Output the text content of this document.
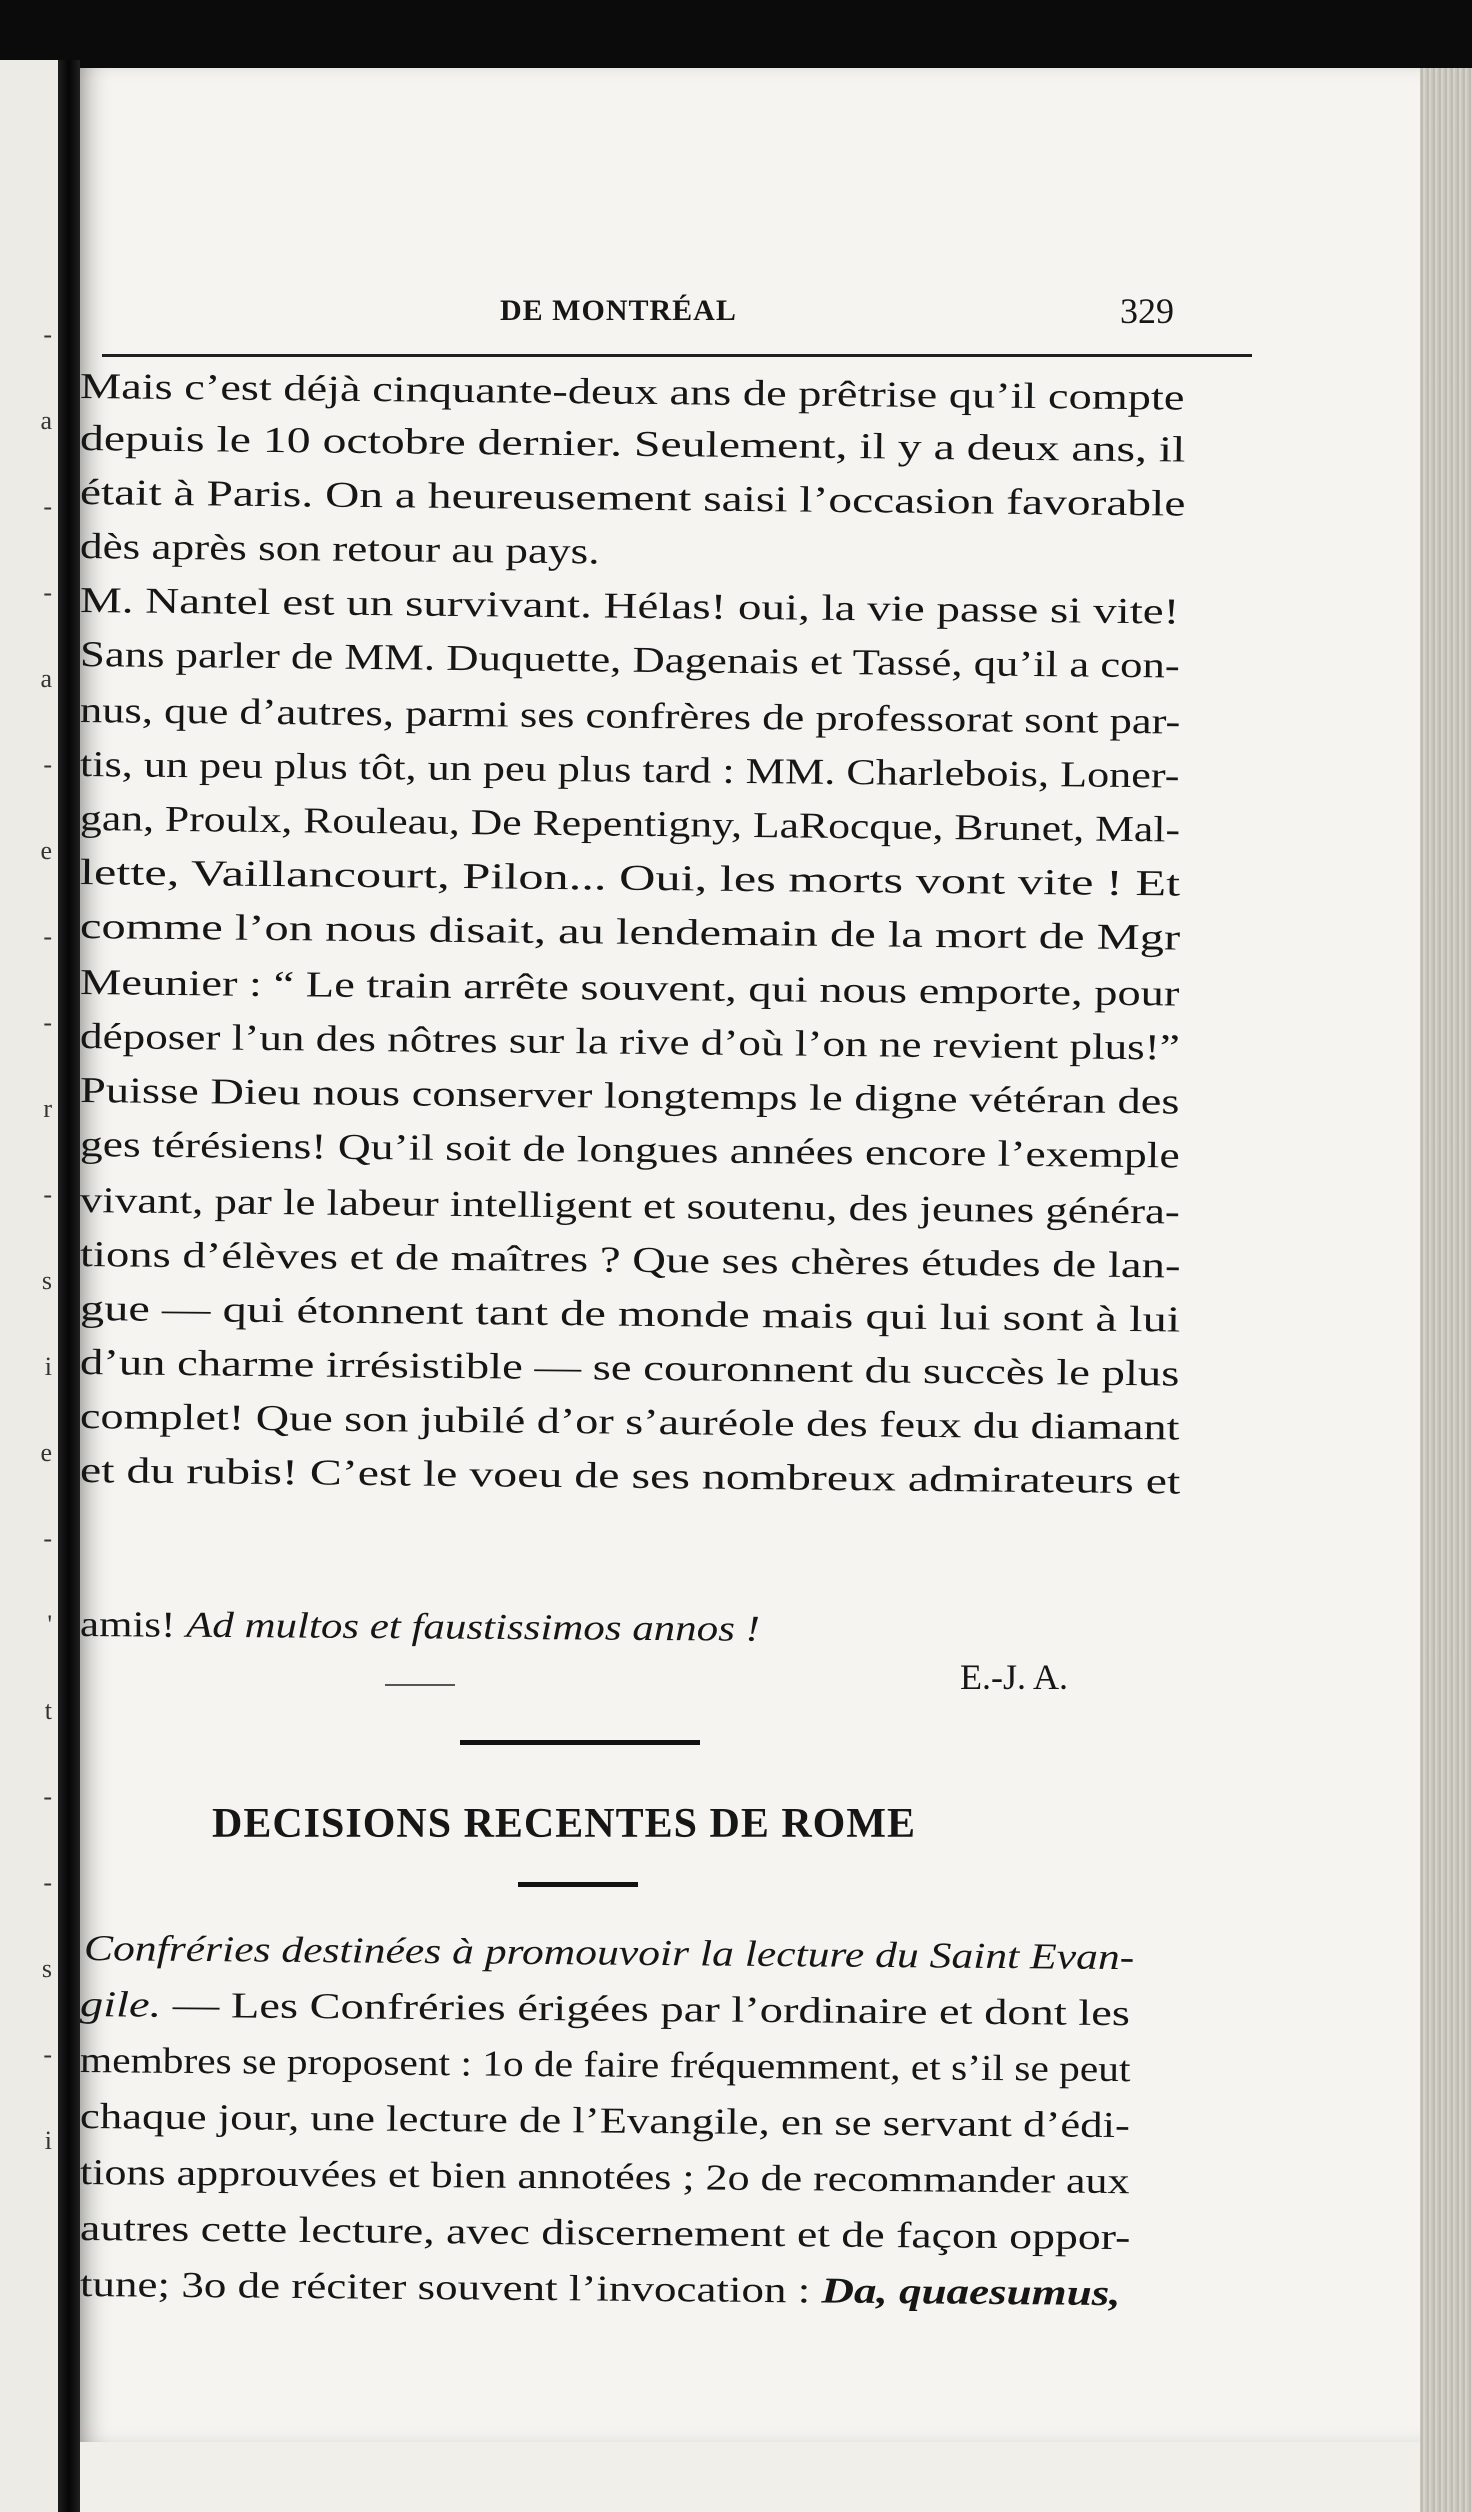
-
a
-
-
a
-
e
-
-
r
-
s
i
e
-
'
t
-
-
s
-
i
DE MONTRÉAL	329

Mais c’est déjà cinquante-deux ans de prêtrise qu’il compte

depuis le 10 octobre dernier. Seulement, il y a deux ans, il

était à Paris. On a heureusement saisi l’occasion favorable

dès après son retour au pays.

M. Nantel est un survivant. Hélas! oui, la vie passe si vite!

Sans parler de MM. Duquette, Dagenais et Tassé, qu’il a con-

nus, que d’autres, parmi ses confrères de professorat sont par-

tis, un peu plus tôt, un peu plus tard : MM. Charlebois, Loner-

gan, Proulx, Rouleau, De Repentigny, LaRocque, Brunet, Mal-

lette, Vaillancourt, Pilon... Oui, les morts vont vite ! Et

comme l’on nous disait, au lendemain de la mort de Mgr

Meunier : “ Le train arrête souvent, qui nous emporte, pour

déposer l’un des nôtres sur la rive d’où l’on ne revient plus!”

Puisse Dieu nous conserver longtemps le digne vétéran des

ges térésiens! Qu’il soit de longues années encore l’exemple

vivant, par le labeur intelligent et soutenu, des jeunes généra-

tions d’élèves et de maîtres ? Que ses chères études de lan-

gue — qui étonnent tant de monde mais qui lui sont à lui

d’un charme irrésistible — se couronnent du succès le plus

complet! Que son jubilé d’or s’auréole des feux du diamant

et du rubis! C’est le voeu de ses nombreux admirateurs et

amis! Ad multos et faustissimos annos !

E.-J. A.
DECISIONS RECENTES DE ROME

Confréries destinées à promouvoir la lecture du Saint Evan-

gile. — Les Confréries érigées par l’ordinaire et dont les

membres se proposent : 1o de faire fréquemment, et s’il se peut

chaque jour, une lecture de l’Evangile, en se servant d’édi-

tions approuvées et bien annotées ; 2o de recommander aux

autres cette lecture, avec discernement et de façon oppor-

tune; 3o de réciter souvent l’invocation : Da, quaesumus,
